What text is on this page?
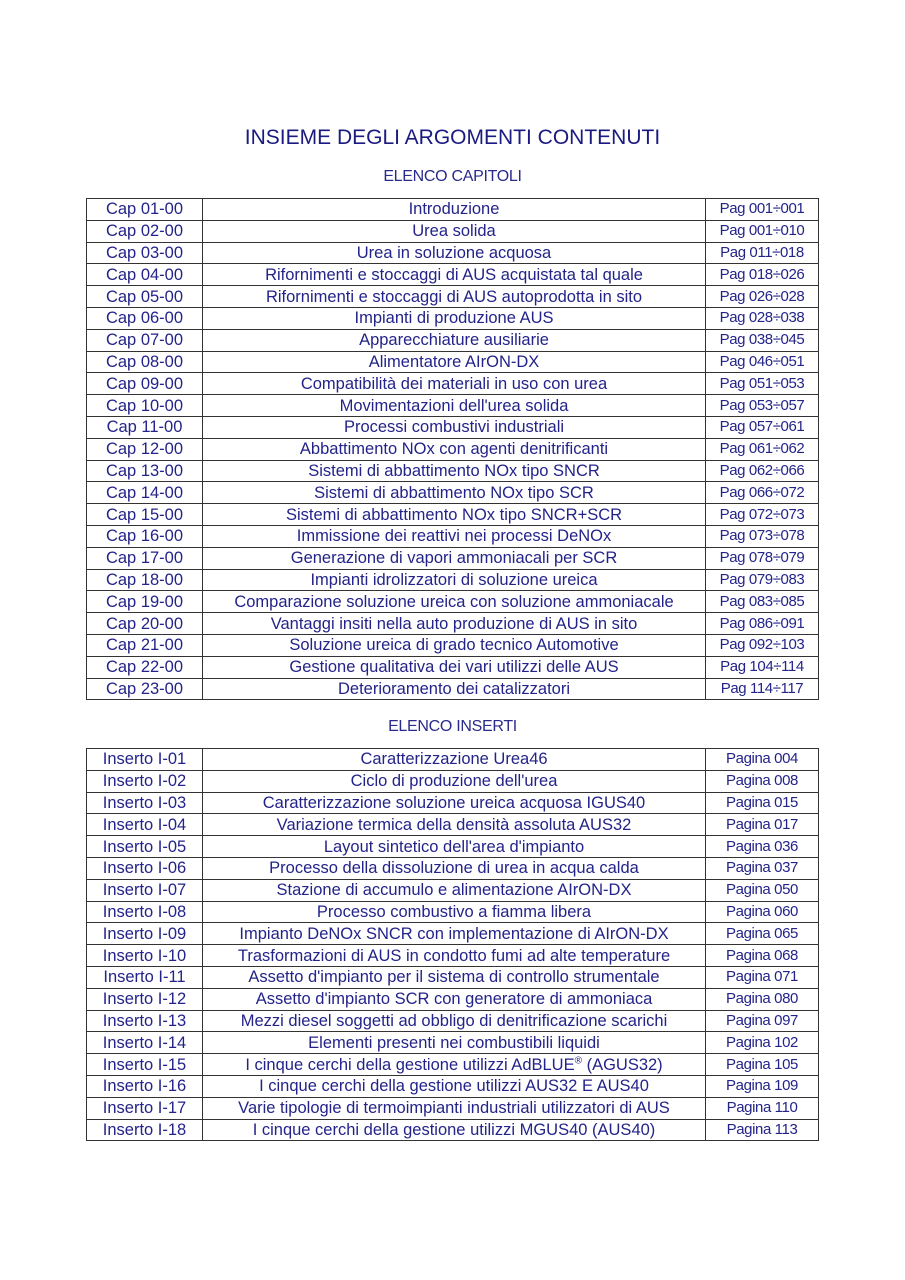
INSIEME DEGLI ARGOMENTI CONTENUTI
ELENCO CAPITOLI
Cap 01-00	Introduzione	Pag 001÷001
Cap 02-00	Urea solida	Pag 001÷010
Cap 03-00	Urea in soluzione acquosa	Pag 011÷018
Cap 04-00	Rifornimenti e stoccaggi di AUS acquistata tal quale	Pag 018÷026
Cap 05-00	Rifornimenti e stoccaggi di AUS autoprodotta in sito	Pag 026÷028
Cap 06-00	Impianti di produzione AUS	Pag 028÷038
Cap 07-00	Apparecchiature ausiliarie	Pag 038÷045
Cap 08-00	Alimentatore AIrON-DX	Pag 046÷051
Cap 09-00	Compatibilità dei materiali in uso con urea	Pag 051÷053
Cap 10-00	Movimentazioni dell'urea solida	Pag 053÷057
Cap 11-00	Processi combustivi industriali	Pag 057÷061
Cap 12-00	Abbattimento NOx con agenti denitrificanti	Pag 061÷062
Cap 13-00	Sistemi di abbattimento NOx tipo SNCR	Pag 062÷066
Cap 14-00	Sistemi di abbattimento NOx tipo SCR	Pag 066÷072
Cap 15-00	Sistemi di abbattimento NOx tipo SNCR+SCR	Pag 072÷073
Cap 16-00	Immissione dei reattivi nei processi DeNOx	Pag 073÷078
Cap 17-00	Generazione di vapori ammoniacali per SCR	Pag 078÷079
Cap 18-00	Impianti idrolizzatori di soluzione ureica	Pag 079÷083
Cap 19-00	Comparazione soluzione ureica con soluzione ammoniacale	Pag 083÷085
Cap 20-00	Vantaggi insiti nella auto produzione di AUS in sito	Pag 086÷091
Cap 21-00	Soluzione ureica di grado tecnico Automotive	Pag 092÷103
Cap 22-00	Gestione qualitativa dei vari utilizzi delle AUS	Pag 104÷114
Cap 23-00	Deterioramento dei catalizzatori	Pag 114÷117
ELENCO INSERTI
Inserto I-01	Caratterizzazione Urea46	Pagina 004
Inserto I-02	Ciclo di produzione dell'urea	Pagina 008
Inserto I-03	Caratterizzazione soluzione ureica acquosa IGUS40	Pagina 015
Inserto I-04	Variazione termica della densità assoluta AUS32	Pagina 017
Inserto I-05	Layout sintetico dell'area d'impianto	Pagina 036
Inserto I-06	Processo della dissoluzione di urea in acqua calda	Pagina 037
Inserto I-07	Stazione di accumulo e alimentazione AIrON-DX	Pagina 050
Inserto I-08	Processo combustivo a fiamma libera	Pagina 060
Inserto I-09	Impianto DeNOx SNCR con implementazione di AIrON-DX	Pagina 065
Inserto I-10	Trasformazioni di AUS in condotto fumi ad alte temperature	Pagina 068
Inserto I-11	Assetto d'impianto per il sistema di controllo strumentale	Pagina 071
Inserto I-12	Assetto d'impianto SCR con generatore di ammoniaca	Pagina 080
Inserto I-13	Mezzi diesel soggetti ad obbligo di denitrificazione scarichi	Pagina 097
Inserto I-14	Elementi presenti nei combustibili liquidi	Pagina 102
Inserto I-15	I cinque cerchi della gestione utilizzi AdBLUE® (AGUS32)	Pagina 105
Inserto I-16	I cinque cerchi della gestione utilizzi AUS32 E AUS40	Pagina 109
Inserto I-17	Varie tipologie di termoimpianti industriali utilizzatori di AUS	Pagina 110
Inserto I-18	I cinque cerchi della gestione utilizzi MGUS40 (AUS40)	Pagina 113
